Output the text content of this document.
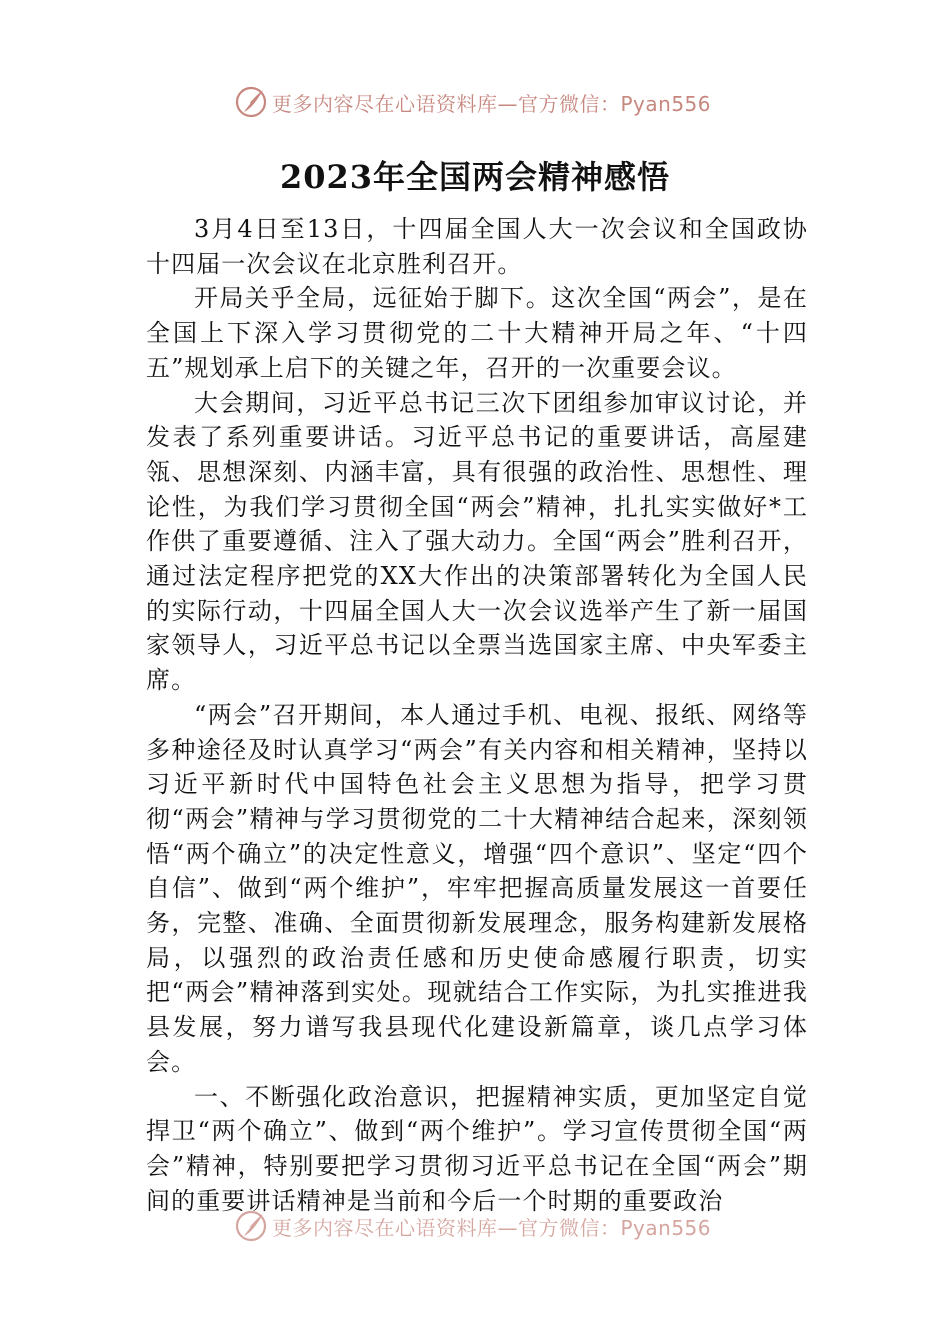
更多内容尽在心语资料库—官方微信：Pyan556
2023年全国两会精神感悟

3月4日至13日，十四届全国人大一次会议和全国政协十四届一次会议在北京胜利召开。

开局关乎全局，远征始于脚下。这次全国“两会”，是在全国上下深入学习贯彻党的二十大精神开局之年、“十四五”规划承上启下的关键之年，召开的一次重要会议。

大会期间，习近平总书记三次下团组参加审议讨论，并发表了系列重要讲话。习近平总书记的重要讲话，高屋建瓴、思想深刻、内涵丰富，具有很强的政治性、思想性、理论性，为我们学习贯彻全国“两会”精神，扎扎实实做好*工作供了重要遵循、注入了强大动力。全国“两会”胜利召开，通过法定程序把党的XX大作出的决策部署转化为全国人民的实际行动，十四届全国人大一次会议选举产生了新一届国家领导人，习近平总书记以全票当选国家主席、中央军委主席。

“两会”召开期间，本人通过手机、电视、报纸、网络等多种途径及时认真学习“两会”有关内容和相关精神，坚持以习近平新时代中国特色社会主义思想为指导，把学习贯彻“两会”精神与学习贯彻党的二十大精神结合起来，深刻领悟“两个确立”的决定性意义，增强“四个意识”、坚定“四个自信”、做到“两个维护”，牢牢把握高质量发展这一首要任务，完整、准确、全面贯彻新发展理念，服务构建新发展格局，以强烈的政治责任感和历史使命感履行职责，切实把“两会”精神落到实处。现就结合工作实际，为扎实推进我县发展，努力谱写我县现代化建设新篇章，谈几点学习体会。

一、不断强化政治意识，把握精神实质，更加坚定自觉捍卫“两个确立”、做到“两个维护”。学习宣传贯彻全国“两会”精神，特别要把学习贯彻习近平总书记在全国“两会”期间的重要讲话精神是当前和今后一个时期的重要政治

更多内容尽在心语资料库—官方微信：Pyan556
